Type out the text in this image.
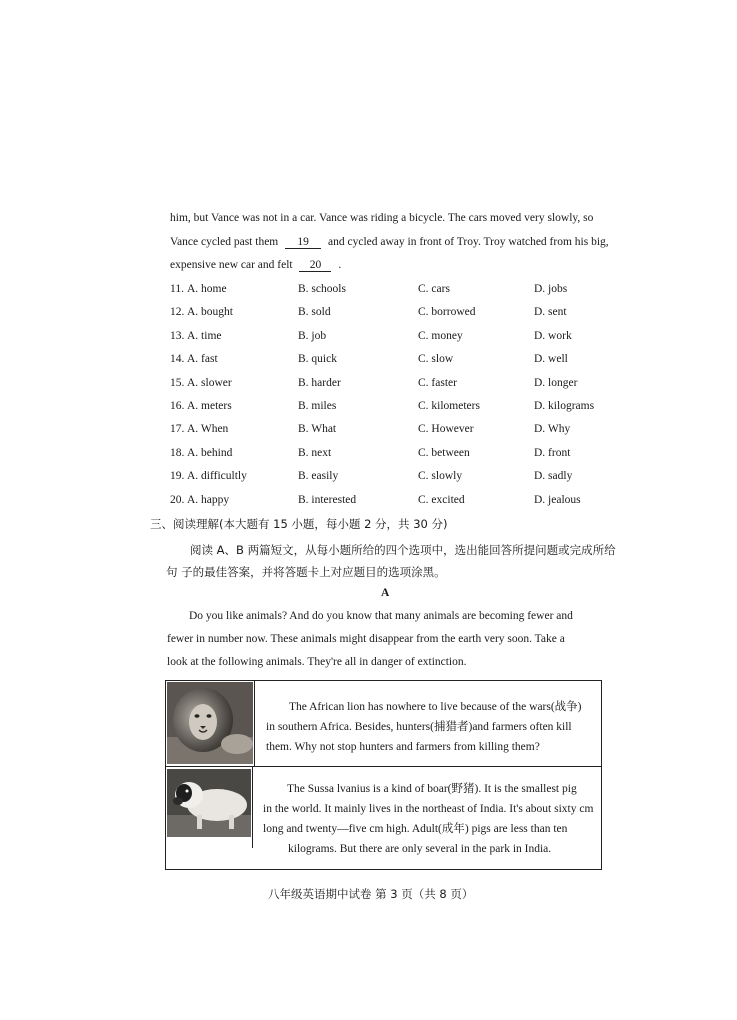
him, but Vance was not in a car. Vance was riding a bicycle. The cars moved very slowly, so
Vance cycled past them 19 and cycled away in front of Troy. Troy watched from his big,
expensive new car and felt 20 .
11. A. home	B. schools	C. cars	D. jobs
12. A. bought	B. sold	C. borrowed	D. sent
13. A. time	B. job	C. money	D. work
14. A. fast	B. quick	C. slow	D. well
15. A. slower	B. harder	C. faster	D. longer
16. A. meters	B. miles	C. kilometers	D. kilograms
17. A. When	B. What	C. However	D. Why
18. A. behind	B. next	C. between	D. front
19. A. difficultly	B. easily	C. slowly	D. sadly
20. A. happy	B. interested	C. excited	D. jealous
三、阅读理解(本大题有 15 小题，每小题 2 分，共 30 分)
阅读 A、B 两篇短文，从每小题所给的四个选项中，选出能回答所提问题或完成所给
句 子的最佳答案，并将答题卡上对应题目的选项涂黑。
A
Do you like animals? And do you know that many animals are becoming fewer and
fewer in number now. These animals might disappear from the earth very soon. Take a
look at the following animals. They're all in danger of extinction.
The African lion has nowhere to live because of the wars(战争)
in southern Africa. Besides, hunters(捕猎者)and farmers often kill
them. Why not stop hunters and farmers from killing them?
The Sussa lvanius is a kind of boar(野猪). It is the smallest pig
in the world. It mainly lives in the northeast of India. It's about sixty cm
long and twenty—five cm high. Adult(成年) pigs are less than ten
kilograms. But there are only several in the park in India.
八年级英语期中试卷 第 3 页（共 8 页）
